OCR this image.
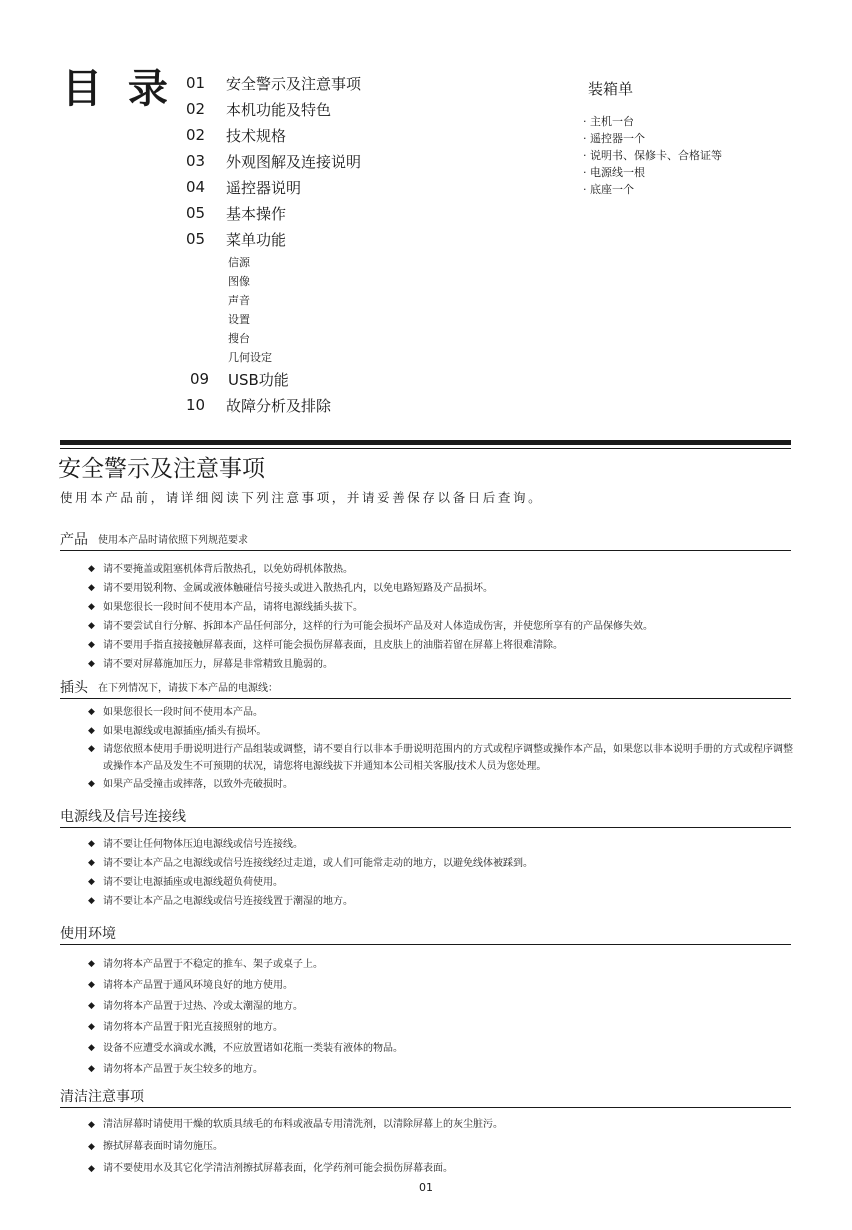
目 录 01	安全警示及注意事项
02	本机功能及特色
02	技术规格
03	外观图解及连接说明
04	遥控器说明
05	基本操作
05	菜单功能
信源
图像
声音
设置
搜台
几何设定
09	USB功能
10	故障分析及排除
装箱单
· 主机一台
· 遥控器一个
· 说明书、保修卡、合格证等
· 电源线一根
· 底座一个
安全警示及注意事项
使用本产品前，请详细阅读下列注意事项，并请妥善保存以备日后查询。
产品 使用本产品时请依照下列规范要求
◆ 请不要掩盖或阻塞机体背后散热孔，以免妨碍机体散热。
◆ 请不要用锐利物、金属或液体触碰信号接头或进入散热孔内，以免电路短路及产品损坏。
◆ 如果您很长一段时间不使用本产品，请将电源线插头拔下。
◆ 请不要尝试自行分解、拆卸本产品任何部分，这样的行为可能会损坏产品及对人体造成伤害，并使您所享有的产品保修失效。
◆ 请不要用手指直接接触屏幕表面，这样可能会损伤屏幕表面，且皮肤上的油脂若留在屏幕上将很难清除。
◆ 请不要对屏幕施加压力，屏幕是非常精致且脆弱的。
插头 在下列情况下，请拔下本产品的电源线：
◆ 如果您很长一段时间不使用本产品。
◆ 如果电源线或电源插座/插头有损坏。
◆ 请您依照本使用手册说明进行产品组装或调整，请不要自行以非本手册说明范围内的方式或程序调整或操作本产品，如果您以非本说明手册的方式或程序调整或操作本产品及发生不可预期的状况，请您将电源线拔下并通知本公司相关客服/技术人员为您处理。
◆ 如果产品受撞击或摔落，以致外壳破损时。
电源线及信号连接线
◆ 请不要让任何物体压迫电源线或信号连接线。
◆ 请不要让本产品之电源线或信号连接线经过走道，或人们可能常走动的地方，以避免线体被踩到。
◆ 请不要让电源插座或电源线超负荷使用。
◆ 请不要让本产品之电源线或信号连接线置于潮湿的地方。
使用环境
◆ 请勿将本产品置于不稳定的推车、架子或桌子上。
◆ 请将本产品置于通风环境良好的地方使用。
◆ 请勿将本产品置于过热、冷或太潮湿的地方。
◆ 请勿将本产品置于阳光直接照射的地方。
◆ 设备不应遭受水滴或水溅，不应放置诸如花瓶一类装有液体的物品。
◆ 请勿将本产品置于灰尘较多的地方。
清洁注意事项
◆ 清洁屏幕时请使用干燥的软质具绒毛的布料或液晶专用清洗剂，以清除屏幕上的灰尘脏污。
◆ 擦拭屏幕表面时请勿施压。
◆ 请不要使用水及其它化学清洁剂擦拭屏幕表面，化学药剂可能会损伤屏幕表面。
01
